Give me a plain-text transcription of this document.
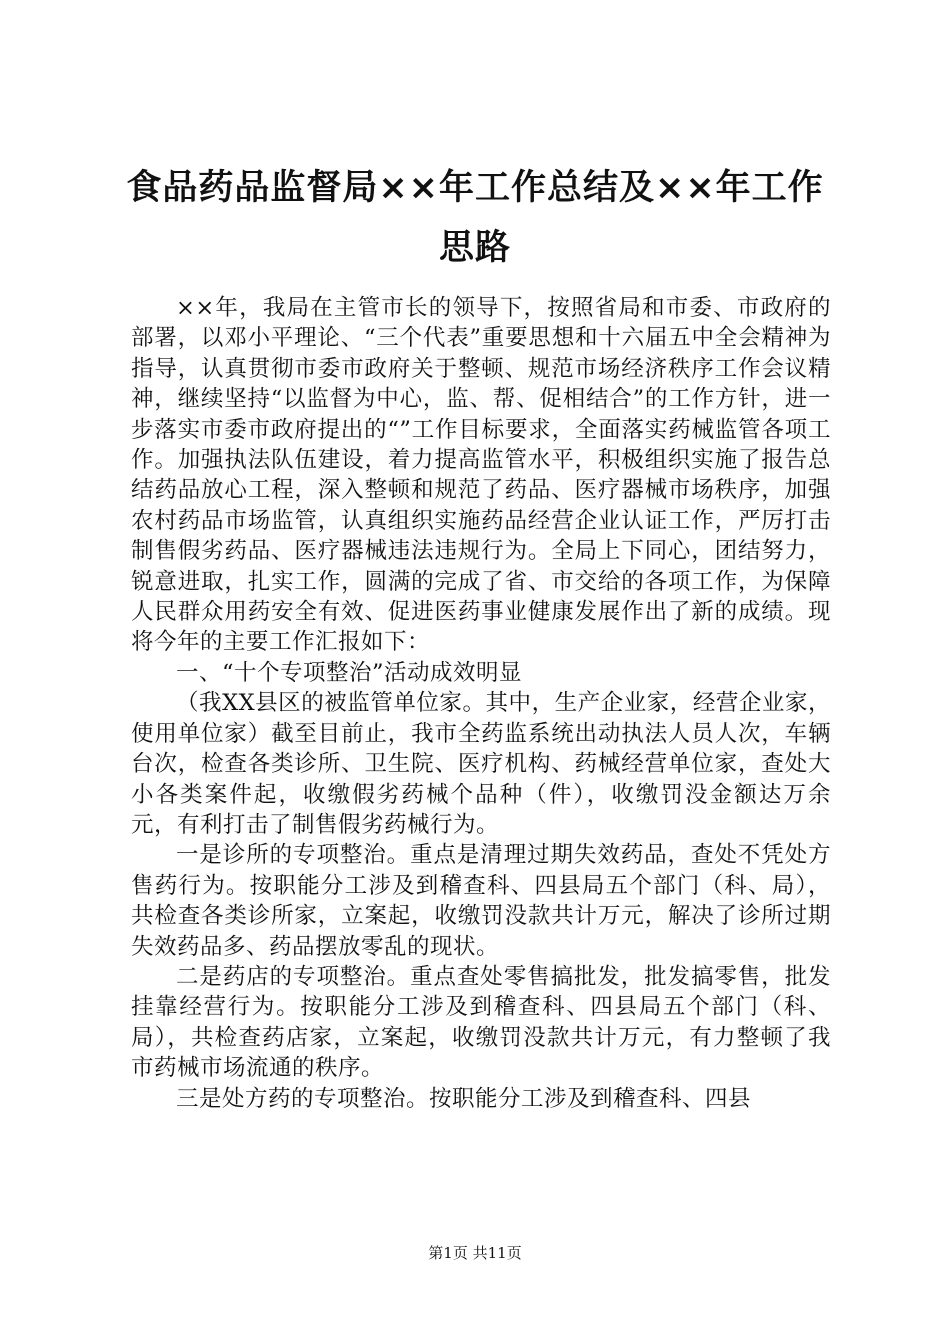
食品药品监督局××年工作总结及××年工作思路

××年，我局在主管市长的领导下，按照省局和市委、市政府的部署，以邓小平理论、“三个代表”重要思想和十六届五中全会精神为指导，认真贯彻市委市政府关于整顿、规范市场经济秩序工作会议精神，继续坚持“以监督为中心，监、帮、促相结合”的工作方针，进一步落实市委市政府提出的“”工作目标要求，全面落实药械监管各项工作。加强执法队伍建设，着力提高监管水平，积极组织实施了报告总结药品放心工程，深入整顿和规范了药品、医疗器械市场秩序，加强农村药品市场监管，认真组织实施药品经营企业认证工作，严厉打击制售假劣药品、医疗器械违法违规行为。全局上下同心，团结努力，锐意进取，扎实工作，圆满的完成了省、市交给的各项工作，为保障人民群众用药安全有效、促进医药事业健康发展作出了新的成绩。现将今年的主要工作汇报如下：

一、“十个专项整治”活动成效明显

（我XX县区的被监管单位家。其中，生产企业家，经营企业家，使用单位家）截至目前止，我市全药监系统出动执法人员人次，车辆台次，检查各类诊所、卫生院、医疗机构、药械经营单位家，查处大小各类案件起，收缴假劣药械个品种（件），收缴罚没金额达万余元，有利打击了制售假劣药械行为。

一是诊所的专项整治。重点是清理过期失效药品，查处不凭处方售药行为。按职能分工涉及到稽查科、四县局五个部门（科、局），共检查各类诊所家，立案起，收缴罚没款共计万元，解决了诊所过期失效药品多、药品摆放零乱的现状。

二是药店的专项整治。重点查处零售搞批发，批发搞零售，批发挂靠经营行为。按职能分工涉及到稽查科、四县局五个部门（科、局），共检查药店家，立案起，收缴罚没款共计万元，有力整顿了我市药械市场流通的秩序。

三是处方药的专项整治。按职能分工涉及到稽查科、四县

第1页 共11页
